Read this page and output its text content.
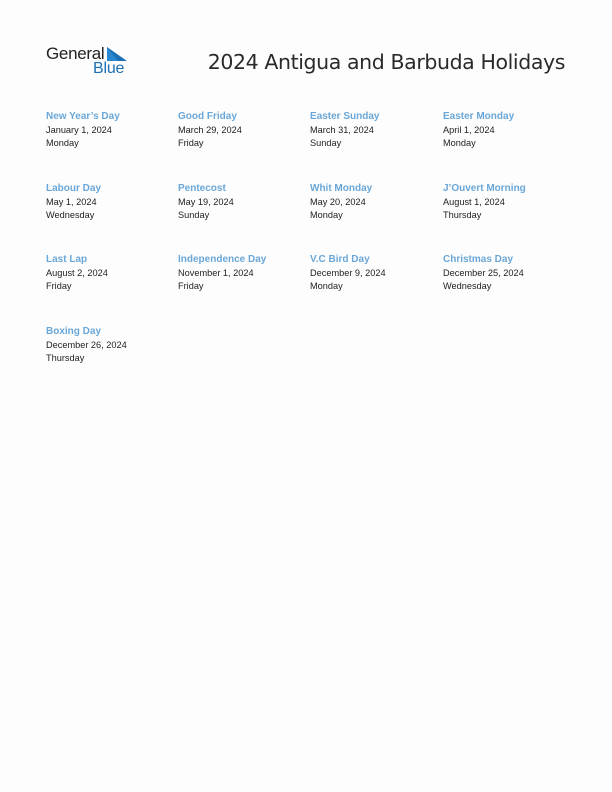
General
Blue	2024 Antigua and Barbuda Holidays
New Year’s Day
January 1, 2024
Monday
Good Friday
March 29, 2024
Friday
Easter Sunday
March 31, 2024
Sunday
Easter Monday
April 1, 2024
Monday
Labour Day
May 1, 2024
Wednesday
Pentecost
May 19, 2024
Sunday
Whit Monday
May 20, 2024
Monday
J’Ouvert Morning
August 1, 2024
Thursday
Last Lap
August 2, 2024
Friday
Independence Day
November 1, 2024
Friday
V.C Bird Day
December 9, 2024
Monday
Christmas Day
December 25, 2024
Wednesday
Boxing Day
December 26, 2024
Thursday
